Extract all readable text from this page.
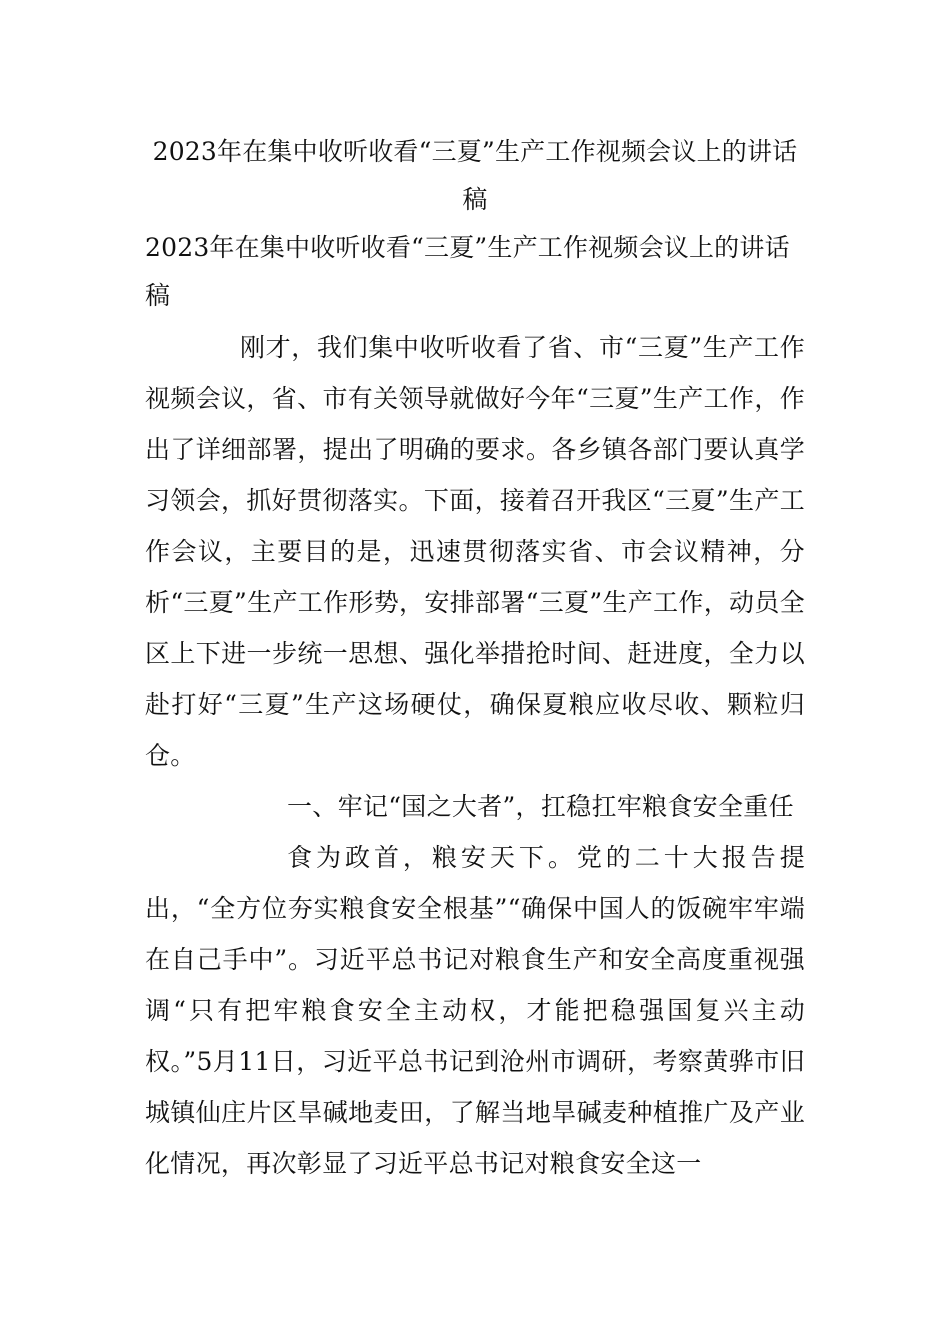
2023年在集中收听收看“三夏”生产工作视频会议上的讲话稿
2023年在集中收听收看“三夏”生产工作视频会议上的讲话稿

刚才，我们集中收听收看了省、市“三夏”生产工作视频会议，省、市有关领导就做好今年“三夏”生产工作，作出了详细部署，提出了明确的要求。各乡镇各部门要认真学习领会，抓好贯彻落实。下面，接着召开我区“三夏”生产工作会议，主要目的是，迅速贯彻落实省、市会议精神，分析“三夏”生产工作形势，安排部署“三夏”生产工作，动员全区上下进一步统一思想、强化举措抢时间、赶进度，全力以赴打好“三夏”生产这场硬仗，确保夏粮应收尽收、颗粒归仓。

一、牢记“国之大者”，扛稳扛牢粮食安全重任

食为政首，粮安天下。党的二十大报告提出，“全方位夯实粮食安全根基”“确保中国人的饭碗牢牢端在自己手中”。习近平总书记对粮食生产和安全高度重视强调“只有把牢粮食安全主动权，才能把稳强国复兴主动权。”5月11日，习近平总书记到沧州市调研，考察黄骅市旧城镇仙庄片区旱碱地麦田，了解当地旱碱麦种植推广及产业化情况，再次彰显了习近平总书记对粮食安全这一
